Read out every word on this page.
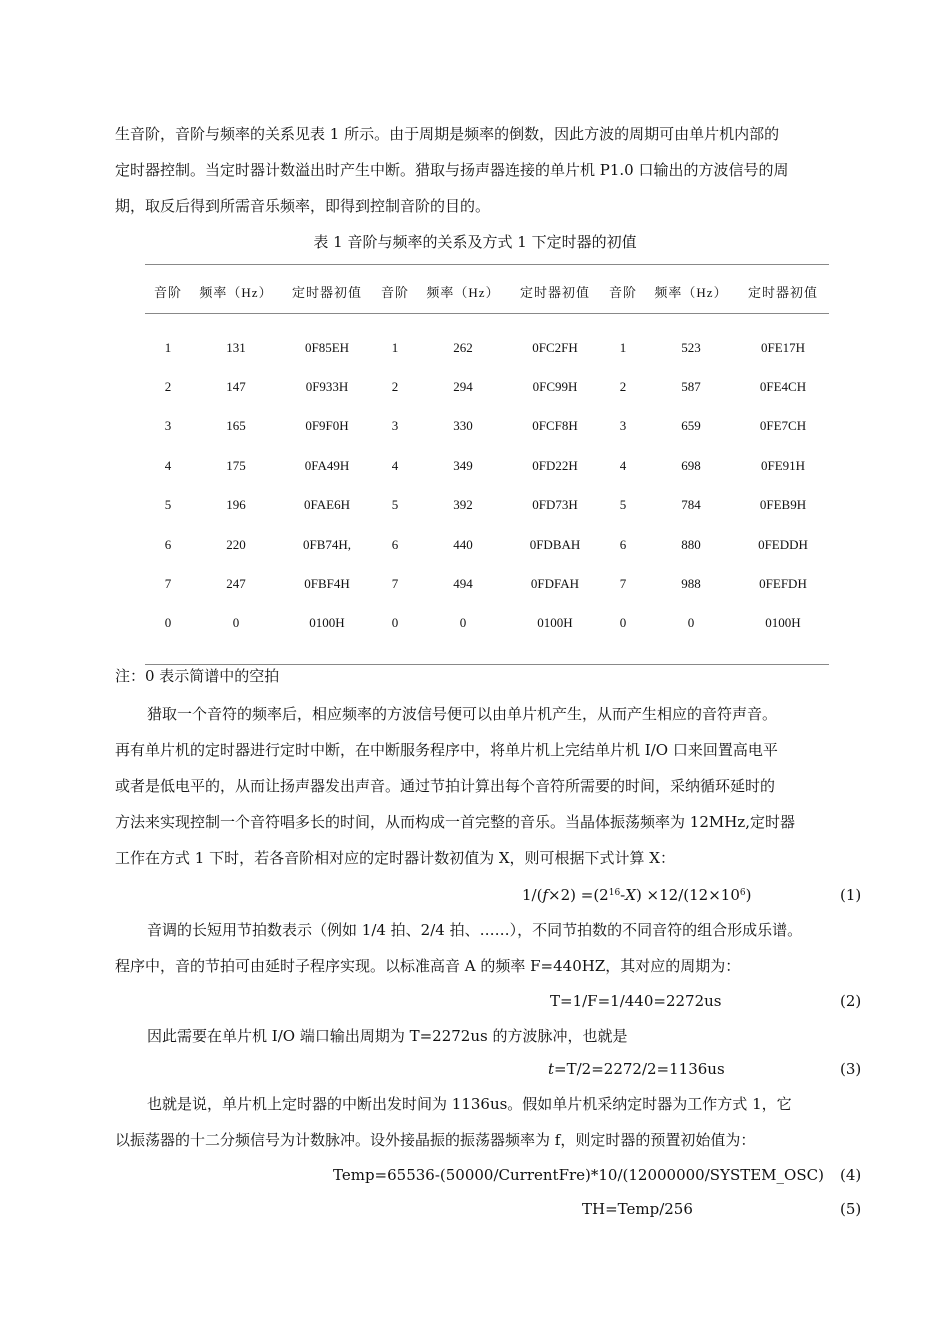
生音阶，音阶与频率的关系见表 1 所示。由于周期是频率的倒数，因此方波的周期可由单片机内部的
定时器控制。当定时器计数溢出时产生中断。猎取与扬声器连接的单片机 P1.0 口输出的方波信号的周
期，取反后得到所需音乐频率，即得到控制音阶的目的。
表 1 音阶与频率的关系及方式 1 下定时器的初值
音阶	频率（Hz）	定时器初值	音阶	频率（Hz）	定时器初值	音阶	频率（Hz）	定时器初值

1	131	0F85EH	1	262	0FC2FH	1	523	0FE17H
2	147	0F933H	2	294	0FC99H	2	587	0FE4CH
3	165	0F9F0H	3	330	0FCF8H	3	659	0FE7CH
4	175	0FA49H	4	349	0FD22H	4	698	0FE91H
5	196	0FAE6H	5	392	0FD73H	5	784	0FEB9H
6	220	0FB74H,	6	440	0FDBAH	6	880	0FEDDH
7	247	0FBF4H	7	494	0FDFAH	7	988	0FEFDH
0	0	0100H	0	0	0100H	0	0	0100H
注：0 表示简谱中的空拍
猎取一个音符的频率后，相应频率的方波信号便可以由单片机产生，从而产生相应的音符声音。
再有单片机的定时器进行定时中断，在中断服务程序中，将单片机上完结单片机 I/O 口来回置高电平
或者是低电平的，从而让扬声器发出声音。通过节拍计算出每个音符所需要的时间，采纳循环延时的
方法来实现控制一个音符唱多长的时间，从而构成一首完整的音乐。当晶体振荡频率为 12MHz,定时器
工作在方式 1 下时，若各音阶相对应的定时器计数初值为 X，则可根据下式计算 X：
$1/(f\times 2) =(2^{16}-X) \times 12/(12\times 10^6)$	(1)
音调的长短用节拍数表示（例如 1/4 拍、2/4 拍、……），不同节拍数的不同音符的组合形成乐谱。
程序中，音的节拍可由延时子程序实现。以标准高音 A 的频率 F=440HZ，其对应的周期为：
T=1/F=1/440=2272us	(2)
因此需要在单片机 I/O 端口输出周期为 T=2272us 的方波脉冲，也就是
t=T/2=2272/2=1136us	(3)
也就是说，单片机上定时器的中断出发时间为 1136us。假如单片机采纳定时器为工作方式 1，它
以振荡器的十二分频信号为计数脉冲。设外接晶振的振荡器频率为 f，则定时器的预置初始值为：
Temp=65536-(50000/CurrentFre)*10/(12000000/SYSTEM_OSC) (4)
TH=Temp/256	(5)
